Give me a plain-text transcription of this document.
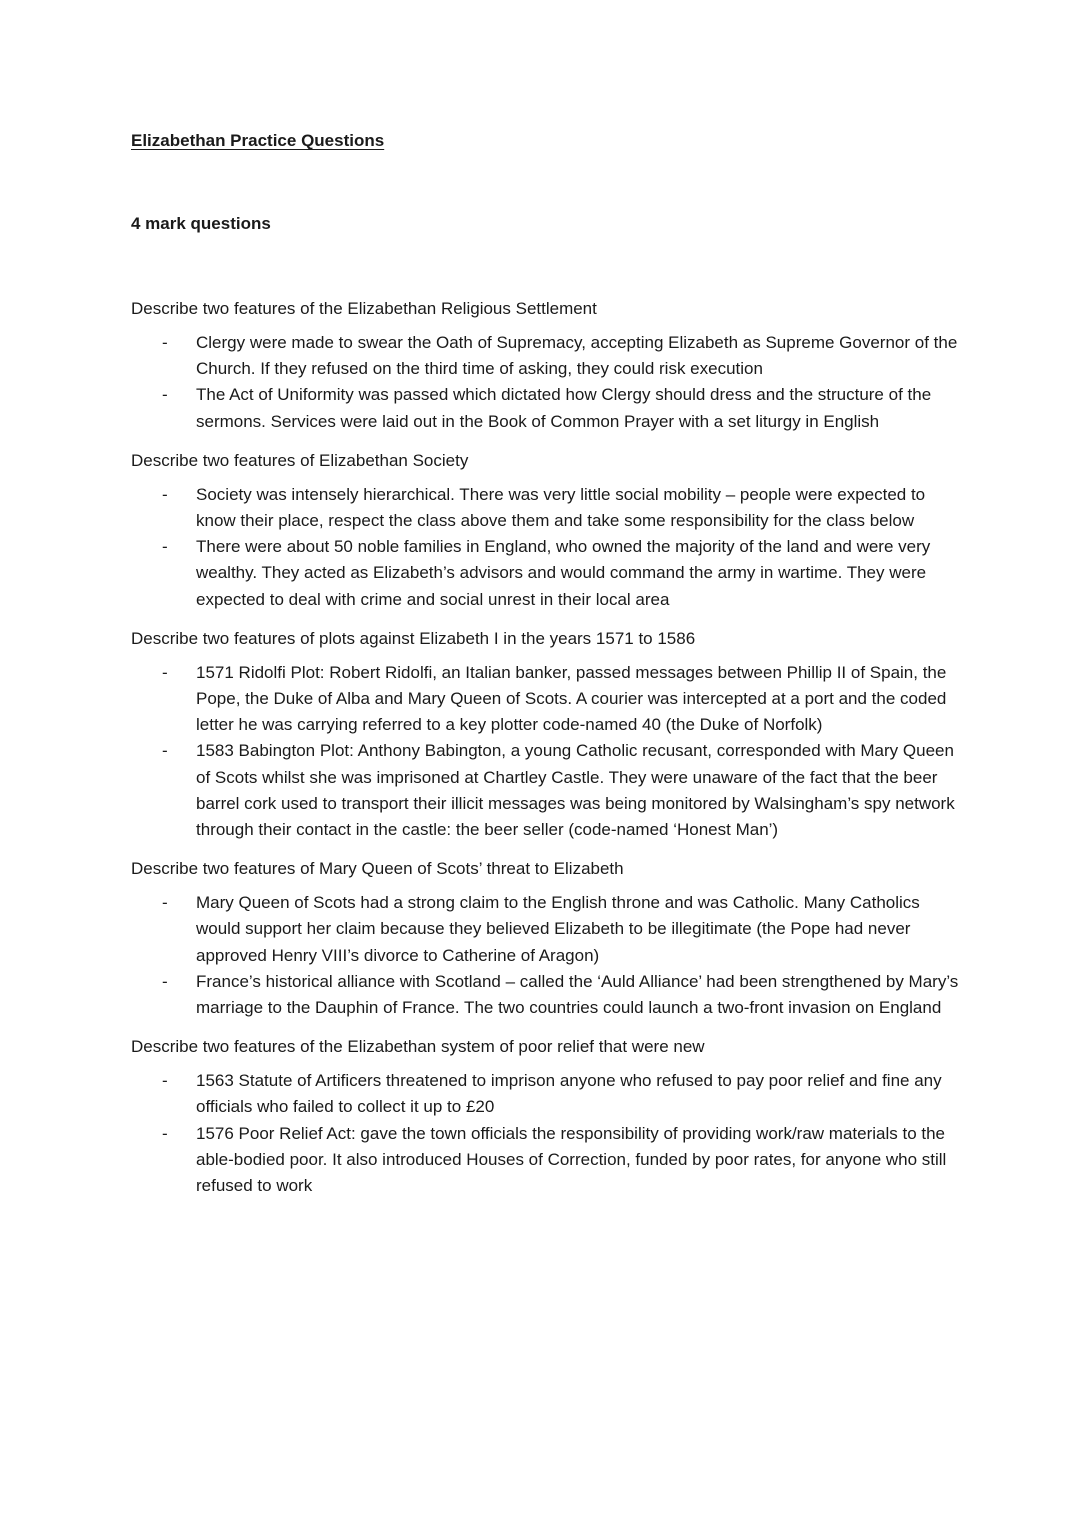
Elizabethan Practice Questions
4 mark questions

Describe two features of the Elizabethan Religious Settlement

- Clergy were made to swear the Oath of Supremacy, accepting Elizabeth as Supreme Governor of the Church. If they refused on the third time of asking, they could risk execution
- The Act of Uniformity was passed which dictated how Clergy should dress and the structure of the sermons. Services were laid out in the Book of Common Prayer with a set liturgy in English

Describe two features of Elizabethan Society

- Society was intensely hierarchical. There was very little social mobility – people were expected to know their place, respect the class above them and take some responsibility for the class below
- There were about 50 noble families in England, who owned the majority of the land and were very wealthy. They acted as Elizabeth’s advisors and would command the army in wartime. They were expected to deal with crime and social unrest in their local area

Describe two features of plots against Elizabeth I in the years 1571 to 1586

- 1571 Ridolfi Plot: Robert Ridolfi, an Italian banker, passed messages between Phillip II of Spain, the Pope, the Duke of Alba and Mary Queen of Scots. A courier was intercepted at a port and the coded letter he was carrying referred to a key plotter code-named 40 (the Duke of Norfolk)
- 1583 Babington Plot: Anthony Babington, a young Catholic recusant, corresponded with Mary Queen of Scots whilst she was imprisoned at Chartley Castle. They were unaware of the fact that the beer barrel cork used to transport their illicit messages was being monitored by Walsingham’s spy network through their contact in the castle: the beer seller (code-named ‘Honest Man’)

Describe two features of Mary Queen of Scots’ threat to Elizabeth

- Mary Queen of Scots had a strong claim to the English throne and was Catholic. Many Catholics would support her claim because they believed Elizabeth to be illegitimate (the Pope had never approved Henry VIII’s divorce to Catherine of Aragon)
- France’s historical alliance with Scotland – called the ‘Auld Alliance’ had been strengthened by Mary’s marriage to the Dauphin of France. The two countries could launch a two-front invasion on England

Describe two features of the Elizabethan system of poor relief that were new

- 1563 Statute of Artificers threatened to imprison anyone who refused to pay poor relief and fine any officials who failed to collect it up to £20
- 1576 Poor Relief Act: gave the town officials the responsibility of providing work/raw materials to the able-bodied poor. It also introduced Houses of Correction, funded by poor rates, for anyone who still refused to work
